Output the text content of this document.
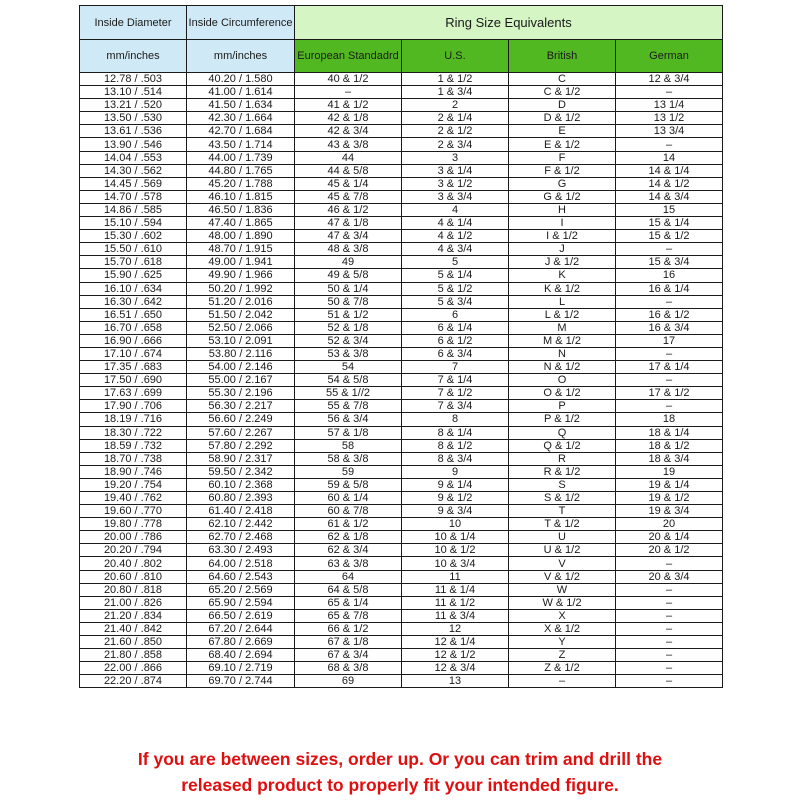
Inside Diameter	Inside Circumference	Ring Size Equivalents			
mm/inches	mm/inches	European Standadrd	U.S.	British	German
12.78 / .503	40.20 / 1.580	40 & 1/2	1 & 1/2	C	12 & 3/4
13.10 / .514	41.00 / 1.614	–	1 & 3/4	C & 1/2	–
13.21 / .520	41.50 / 1.634	41 & 1/2	2	D	13 1/4
13.50 / .530	42.30 / 1.664	42 & 1/8	2 & 1/4	D & 1/2	13 1/2
13.61 / .536	42.70 / 1.684	42 & 3/4	2 & 1/2	E	13 3/4
13.90 / .546	43.50 / 1.714	43 & 3/8	2 & 3/4	E & 1/2	–
14.04 / .553	44.00 / 1.739	44	3	F	14
14.30 / .562	44.80 / 1.765	44 & 5/8	3 & 1/4	F & 1/2	14 & 1/4
14.45 / .569	45.20 / 1.788	45 & 1/4	3 & 1/2	G	14 & 1/2
14.70 / .578	46.10 / 1.815	45 & 7/8	3 & 3/4	G & 1/2	14 & 3/4
14.86 / .585	46.50 / 1.836	46 & 1/2	4	H	15
15.10 / .594	47.40 / 1.865	47 & 1/8	4 & 1/4	I	15 & 1/4
15.30 / .602	48.00 / 1.890	47 & 3/4	4 & 1/2	I & 1/2	15 & 1/2
15.50 / .610	48.70 / 1.915	48 & 3/8	4 & 3/4	J	–
15.70 / .618	49.00 / 1.941	49	5	J & 1/2	15 & 3/4
15.90 / .625	49.90 / 1.966	49 & 5/8	5 & 1/4	K	16
16.10 / .634	50.20 / 1.992	50 & 1/4	5 & 1/2	K & 1/2	16 & 1/4
16.30 / .642	51.20 / 2.016	50 & 7/8	5 & 3/4	L	–
16.51 / .650	51.50 / 2.042	51 & 1/2	6	L & 1/2	16 & 1/2
16.70 / .658	52.50 / 2.066	52 & 1/8	6 & 1/4	M	16 & 3/4
16.90 / .666	53.10 / 2.091	52 & 3/4	6 & 1/2	M & 1/2	17
17.10 / .674	53.80 / 2.116	53 & 3/8	6 & 3/4	N	–
17.35 / .683	54.00 / 2.146	54	7	N & 1/2	17 & 1/4
17.50 / .690	55.00 / 2.167	54 & 5/8	7 & 1/4	O	–
17.63 / .699	55.30 / 2.196	55 & 1//2	7 & 1/2	O & 1/2	17 & 1/2
17.90 / .706	56.30 / 2.217	55 & 7/8	7 & 3/4	P	–
18.19 / .716	56.60 / 2.249	56 & 3/4	8	P & 1/2	18
18.30 / .722	57.60 / 2.267	57 & 1/8	8 & 1/4	Q	18 & 1/4
18.59 / .732	57.80 / 2.292	58	8 & 1/2	Q & 1/2	18 & 1/2
18.70 / .738	58.90 / 2.317	58 & 3/8	8 & 3/4	R	18 & 3/4
18.90 / .746	59.50 / 2.342	59	9	R & 1/2	19
19.20 / .754	60.10 / 2.368	59 & 5/8	9 & 1/4	S	19 & 1/4
19.40 / .762	60.80 / 2.393	60 & 1/4	9 & 1/2	S & 1/2	19 & 1/2
19.60 / .770	61.40 / 2.418	60 & 7/8	9 & 3/4	T	19 & 3/4
19.80 / .778	62.10 / 2.442	61 & 1/2	10	T & 1/2	20
20.00 / .786	62.70 / 2.468	62 & 1/8	10 & 1/4	U	20 & 1/4
20.20 / .794	63.30 / 2.493	62 & 3/4	10 & 1/2	U & 1/2	20 & 1/2
20.40 / .802	64.00 / 2.518	63 & 3/8	10 & 3/4	V	–
20.60 / .810	64.60 / 2.543	64	11	V & 1/2	20 & 3/4
20.80 / .818	65.20 / 2.569	64 & 5/8	11 & 1/4	W	–
21.00 / .826	65.90 / 2.594	65 & 1/4	11 & 1/2	W & 1/2	–
21.20 / .834	66.50 / 2.619	65 & 7/8	11 & 3/4	X	–
21.40 / .842	67.20 / 2.644	66 & 1/2	12	X & 1/2	–
21.60 / .850	67.80 / 2.669	67 & 1/8	12 & 1/4	Y	–
21.80 / .858	68.40 / 2.694	67 & 3/4	12 & 1/2	Z	–
22.00 / .866	69.10 / 2.719	68 & 3/8	12 & 3/4	Z & 1/2	–
22.20 / .874	69.70 / 2.744	69	13	–	–
If you are between sizes, order up. Or you can trim and drill the
released product to properly fit your intended figure.
